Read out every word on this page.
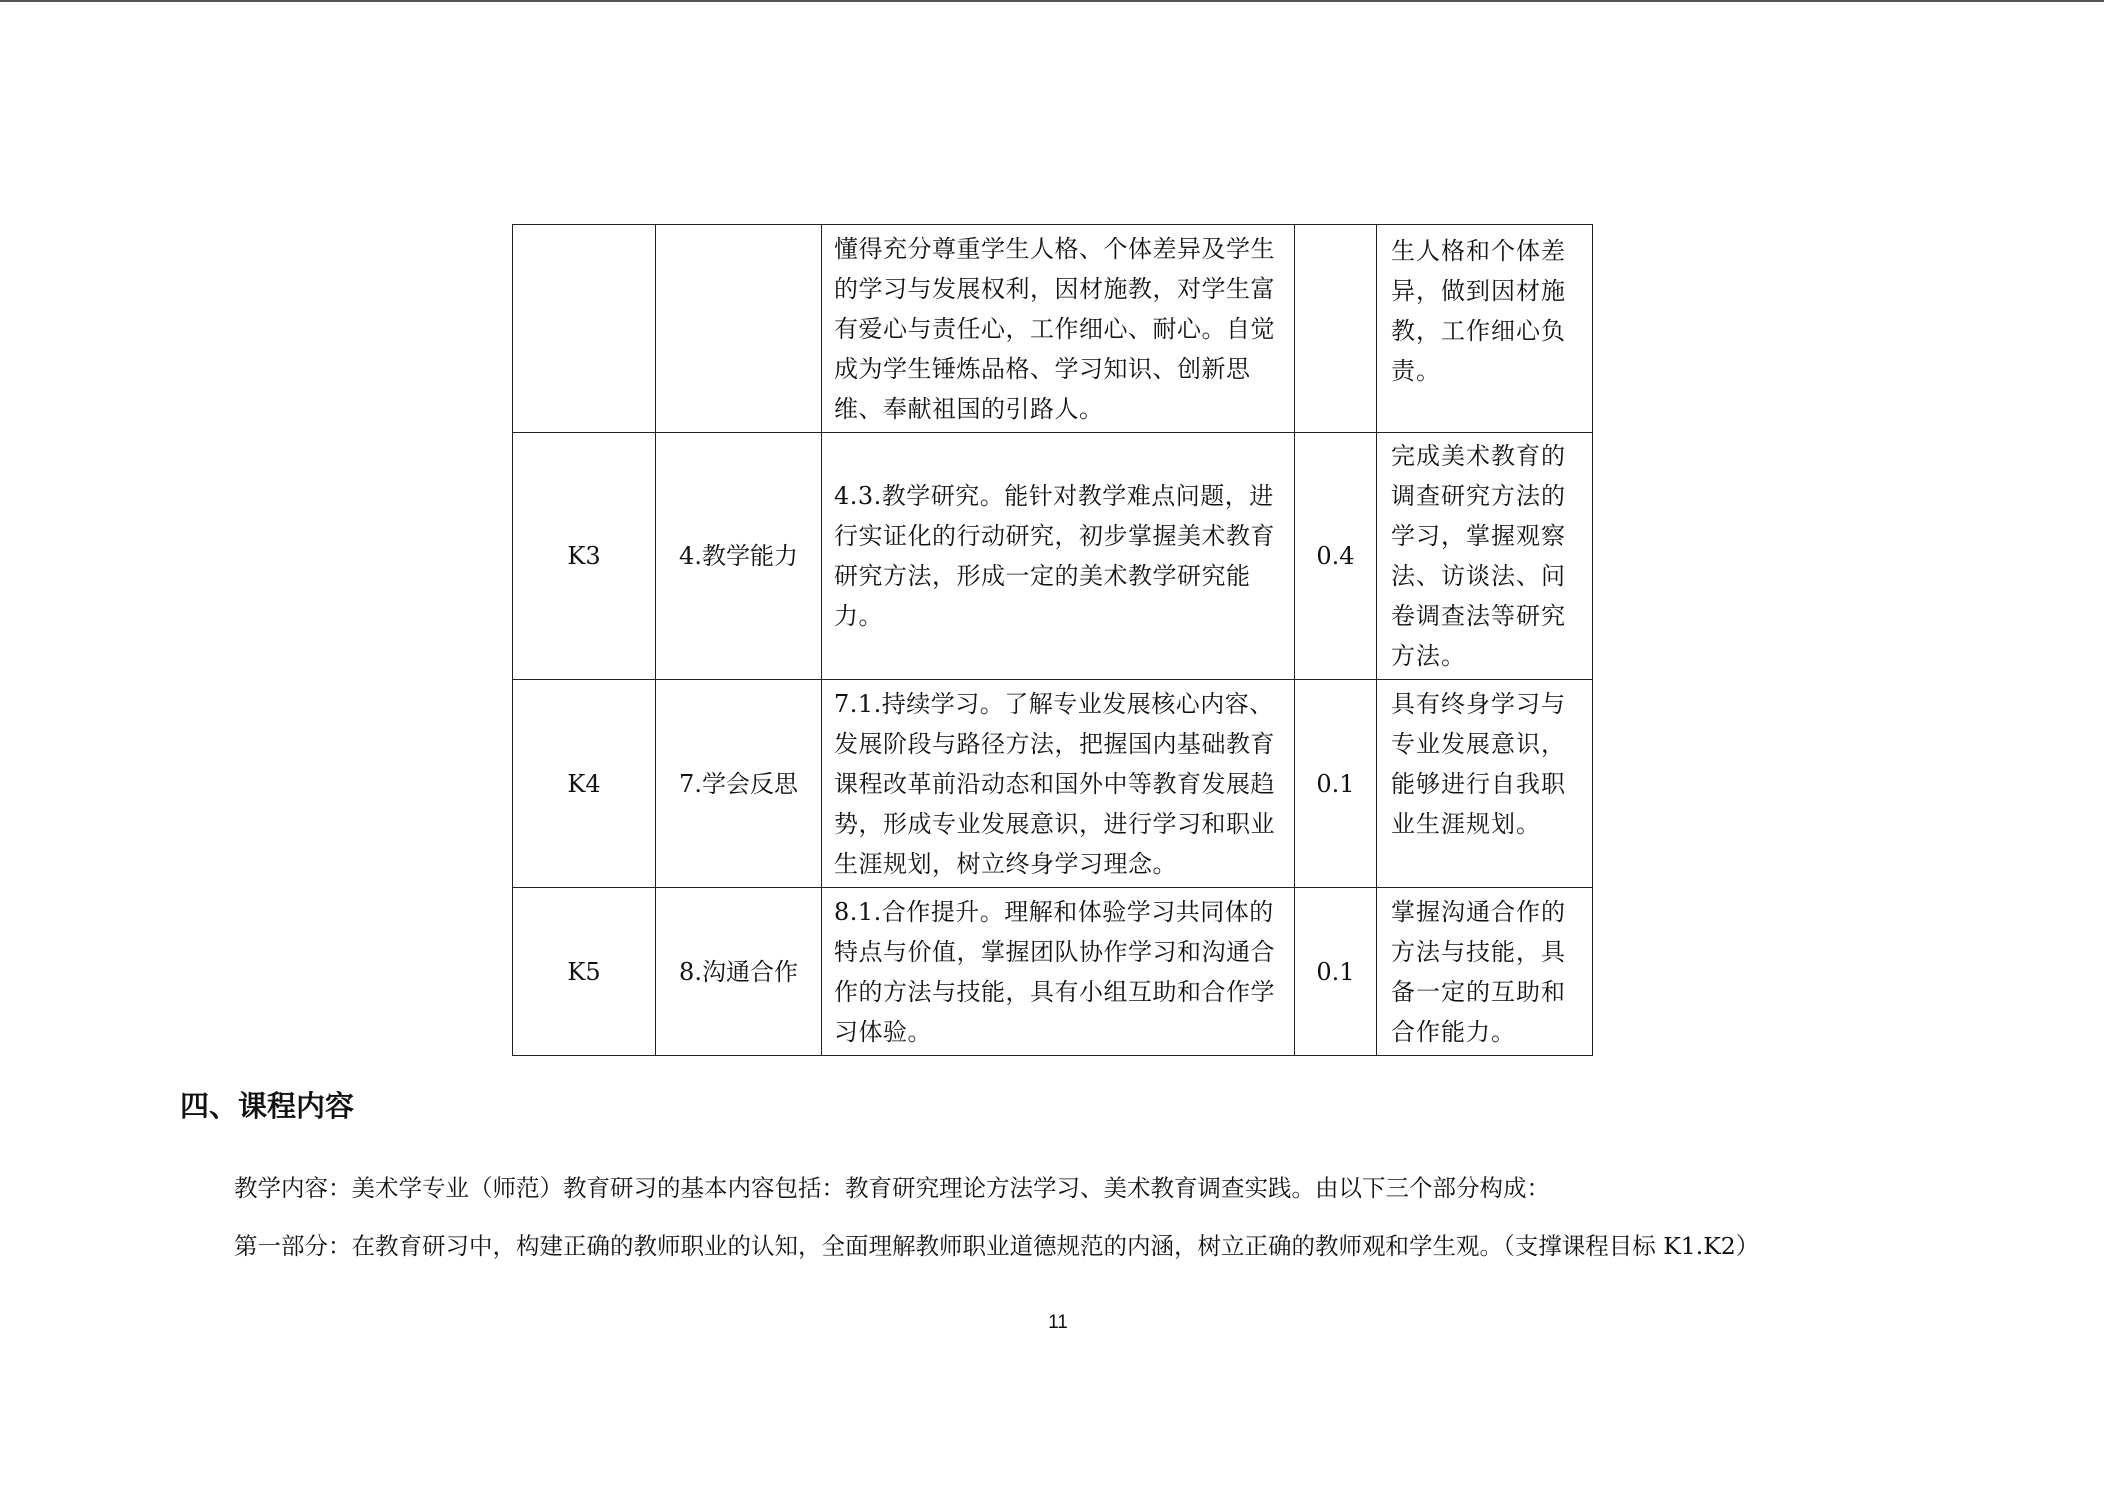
		懂得充分尊重学生人格、个体差异及学生的学习与发展权利，因材施教，对学生富有爱心与责任心，工作细心、耐心。自觉成为学生锤炼品格、学习知识、创新思维、奉献祖国的引路人。		生人格和个体差异，做到因材施教，工作细心负责。
K3	4.教学能力	4.3.教学研究。能针对教学难点问题，进行实证化的行动研究，初步掌握美术教育研究方法，形成一定的美术教学研究能力。	0.4	完成美术教育的调查研究方法的学习，掌握观察法、访谈法、问卷调查法等研究方法。
K4	7.学会反思	7.1.持续学习。了解专业发展核心内容、发展阶段与路径方法，把握国内基础教育课程改革前沿动态和国外中等教育发展趋势，形成专业发展意识，进行学习和职业生涯规划，树立终身学习理念。	0.1	具有终身学习与专业发展意识，能够进行自我职业生涯规划。
K5	8.沟通合作	8.1.合作提升。理解和体验学习共同体的特点与价值，掌握团队协作学习和沟通合作的方法与技能，具有小组互助和合作学习体验。	0.1	掌握沟通合作的方法与技能，具备一定的互助和合作能力。
四、课程内容

教学内容：美术学专业（师范）教育研习的基本内容包括：教育研究理论方法学习、美术教育调查实践。由以下三个部分构成：

第一部分：在教育研习中，构建正确的教师职业的认知，全面理解教师职业道德规范的内涵，树立正确的教师观和学生观。（支撑课程目标 K1.K2）

11
